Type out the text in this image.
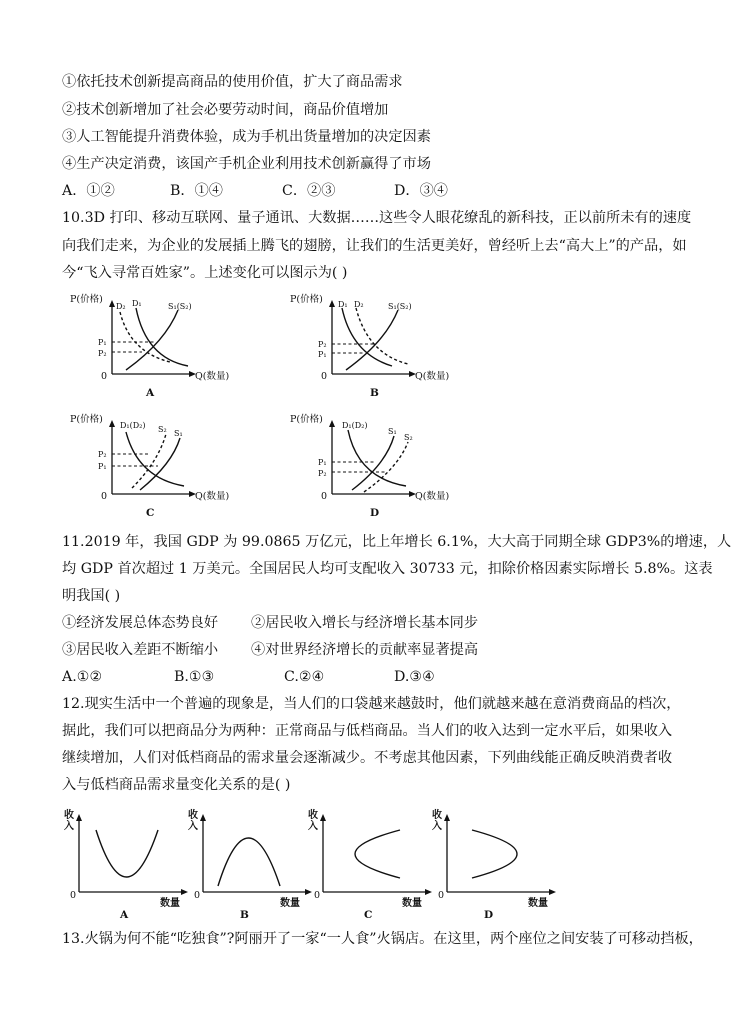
①依托技术创新提高商品的使用价值，扩大了商品需求
②技术创新增加了社会必要劳动时间，商品价值增加
③人工智能提升消费体验，成为手机出货量增加的决定因素
④生产决定消费，该国产手机企业利用技术创新赢得了市场
A．①②	B．①④	C．②③	D．③④
10.3D 打印、移动互联网、量子通讯、大数据……这些令人眼花缭乱的新科技，正以前所未有的速度
向我们走来，为企业的发展插上腾飞的翅膀，让我们的生活更美好，曾经听上去“高大上”的产品，如
今“飞入寻常百姓家”。上述变化可以图示为( )
P(价格)
Q(数量)
0
D₂ D₁	S₁(S₂)
P₁
P₂
A
P(价格)
Q(数量)
0
D₁ D₂	S₁(S₂)
P₂
P₁
B
P(价格)
Q(数量)
0
D₁(D₂) S₂ S₁
P₂
P₁
C
P(价格)
Q(数量)
0
D₁(D₂)
S₁
S₂
P₁
P₂
D
11.2019 年，我国 GDP 为 99.0865 万亿元，比上年增长 6.1%，大大高于同期全球 GDP3%的增速，人
均 GDP 首次超过 1 万美元。全国居民人均可支配收入 30733 元，扣除价格因素实际增长 5.8%。这表
明我国( )
①经济发展总体态势良好 ②居民收入增长与经济增长基本同步
③居民收入差距不断缩小 ④对世界经济增长的贡献率显著提高
A.①②	B.①③	C.②④	D.③④
12.现实生活中一个普遍的现象是，当人们的口袋越来越鼓时，他们就越来越在意消费商品的档次，
据此，我们可以把商品分为两种：正常商品与低档商品。当人们的收入达到一定水平后，如果收入
继续增加，人们对低档商品的需求量会逐渐减少。不考虑其他因素，下列曲线能正确反映消费者收
入与低档商品需求量变化关系的是( )
收
入
0
数量
A
收
入
0
数量
B
收
入
0
数量
C
收
入
0
数量
D
13.火锅为何不能“吃独食”?阿丽开了一家“一人食”火锅店。在这里，两个座位之间安装了可移动挡板，
